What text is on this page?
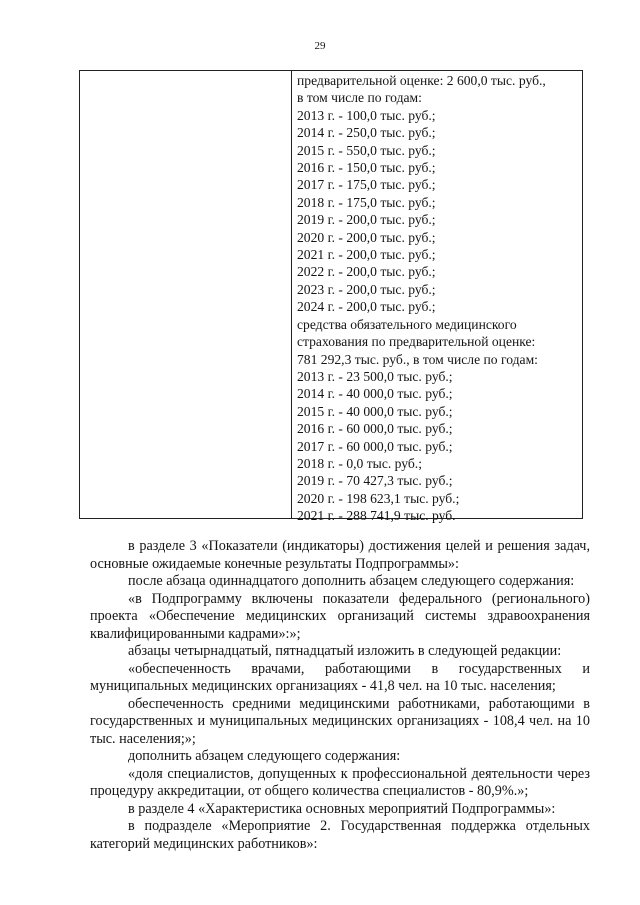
29
предварительной оценке: 2 600,0 тыс. руб.,
в том числе по годам:
2013 г. - 100,0 тыс. руб.;
2014 г. - 250,0 тыс. руб.;
2015 г. - 550,0 тыс. руб.;
2016 г. - 150,0 тыс. руб.;
2017 г. - 175,0 тыс. руб.;
2018 г. - 175,0 тыс. руб.;
2019 г. - 200,0 тыс. руб.;
2020 г. - 200,0 тыс. руб.;
2021 г. - 200,0 тыс. руб.;
2022 г. - 200,0 тыс. руб.;
2023 г. - 200,0 тыс. руб.;
2024 г. - 200,0 тыс. руб.;
средства обязательного медицинского
страхования по предварительной оценке:
781 292,3 тыс. руб., в том числе по годам:
2013 г. - 23 500,0 тыс. руб.;
2014 г. - 40 000,0 тыс. руб.;
2015 г. - 40 000,0 тыс. руб.;
2016 г. - 60 000,0 тыс. руб.;
2017 г. - 60 000,0 тыс. руб.;
2018 г. - 0,0 тыс. руб.;
2019 г. - 70 427,3 тыс. руб.;
2020 г. - 198 623,1 тыс. руб.;
2021 г. - 288 741,9 тыс. руб.

в разделе 3 «Показатели (индикаторы) достижения целей и решения задач, основные ожидаемые конечные результаты Подпрограммы»:

после абзаца одиннадцатого дополнить абзацем следующего содержания:

«в Подпрограмму включены показатели федерального (регионального) проекта «Обеспечение медицинских организаций системы здравоохранения квалифицированными кадрами»:»;

абзацы четырнадцатый, пятнадцатый изложить в следующей редакции:

«обеспеченность врачами, работающими в государственных и муниципальных медицинских организациях - 41,8 чел. на 10 тыс. населения;

обеспеченность средними медицинскими работниками, работающими в государственных и муниципальных медицинских организациях - 108,4 чел. на 10 тыс. населения;»;

дополнить абзацем следующего содержания:

«доля специалистов, допущенных к профессиональной деятельности через процедуру аккредитации, от общего количества специалистов - 80,9%.»;

в разделе 4 «Характеристика основных мероприятий Подпрограммы»:

в подразделе «Мероприятие 2. Государственная поддержка отдельных категорий медицинских работников»:
